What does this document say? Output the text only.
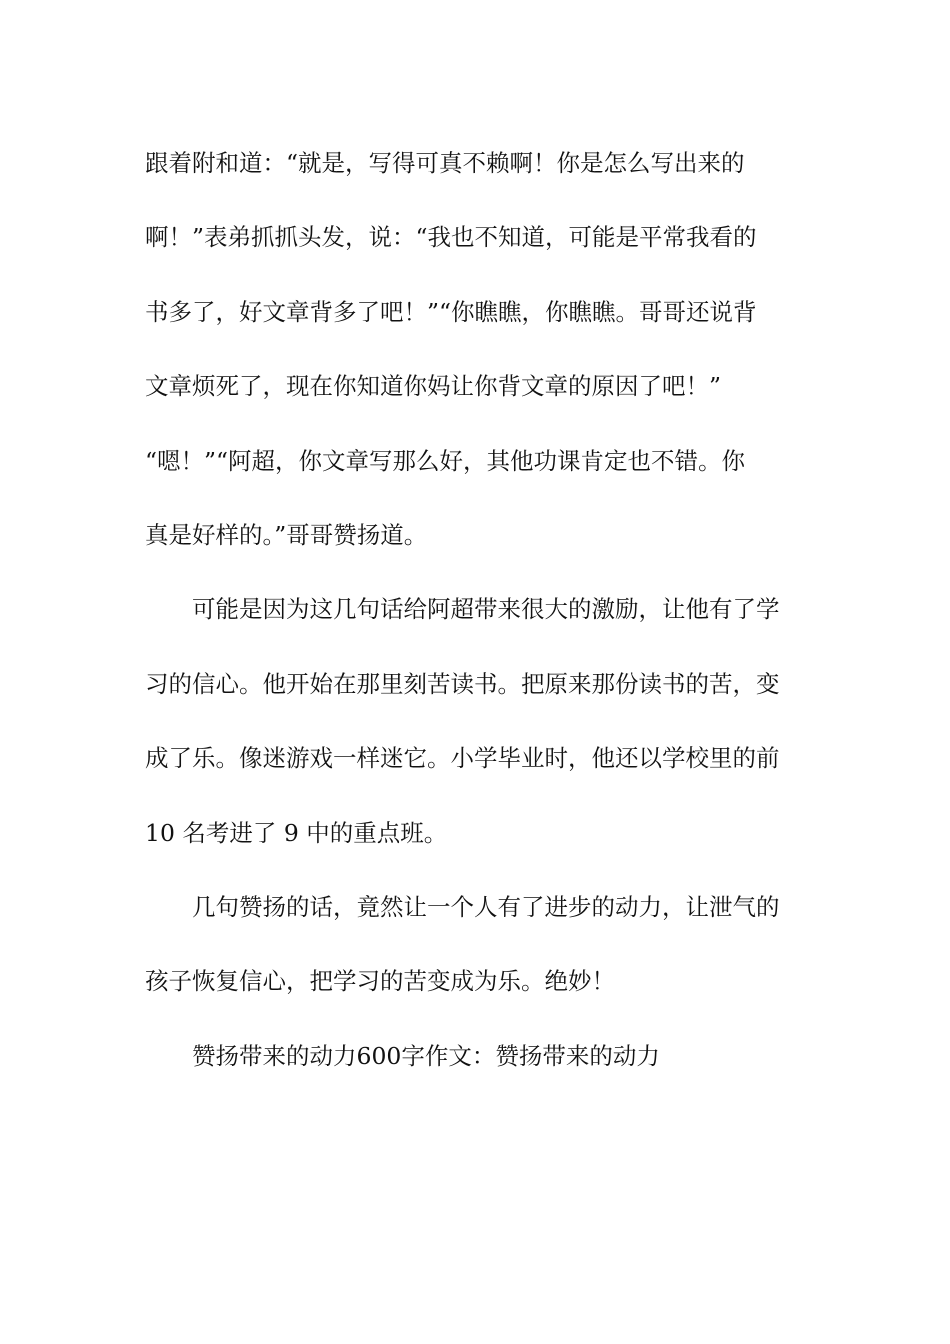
跟着附和道：“就是，写得可真不赖啊！你是怎么写出来的
啊！”表弟抓抓头发，说：“我也不知道，可能是平常我看的
书多了，好文章背多了吧！”“你瞧瞧，你瞧瞧。哥哥还说背
文章烦死了，现在你知道你妈让你背文章的原因了吧！”
“嗯！”“阿超，你文章写那么好，其他功课肯定也不错。你
真是好样的。”哥哥赞扬道。
可能是因为这几句话给阿超带来很大的激励，让他有了学
习的信心。他开始在那里刻苦读书。把原来那份读书的苦，变
成了乐。像迷游戏一样迷它。小学毕业时，他还以学校里的前
10 名考进了 9 中的重点班。
几句赞扬的话，竟然让一个人有了进步的动力，让泄气的
孩子恢复信心，把学习的苦变成为乐。绝妙！
赞扬带来的动力600字作文：赞扬带来的动力
